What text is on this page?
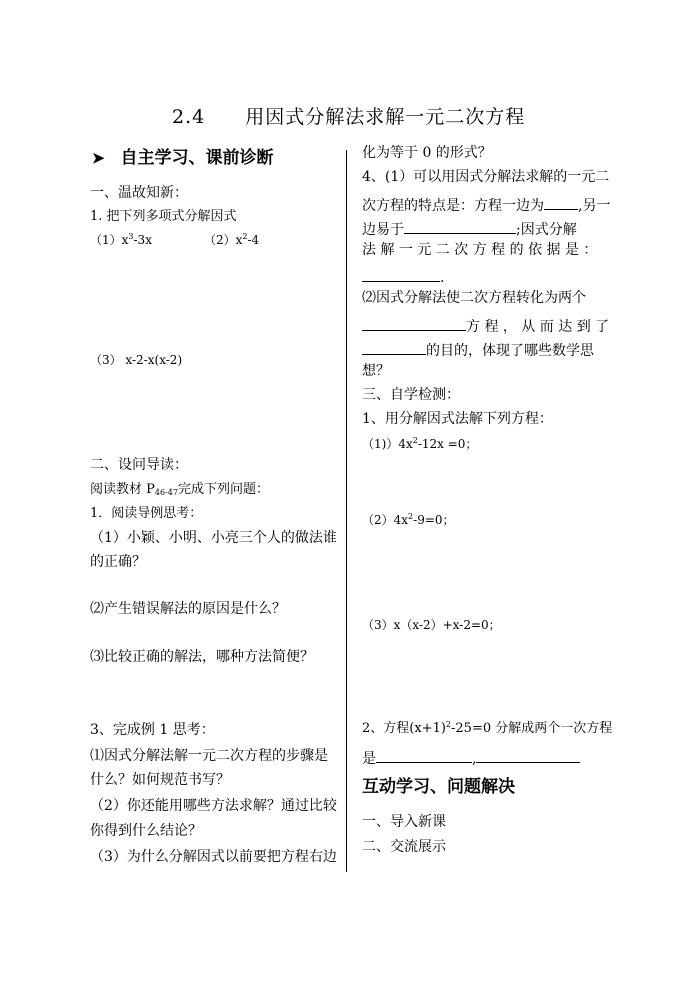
2.4 用因式分解法求解一元二次方程
➤ 自主学习、课前诊断
一、温故知新：
1. 把下列多项式分解因式
$(1)x^3-3x$	$(2)x^2-4$
（3） x-2-x(x-2)
二、设问导读：
阅读教材 $P_{46-47}$完成下列问题：
1．阅读导例思考：
（1）小颖、小明、小亮三个人的做法谁
的正确？
⑵产生错误解法的原因是什么？
⑶比较正确的解法，哪种方法简便？
3、完成例 1 思考：
⑴因式分解法解一元二次方程的步骤是
什么？如何规范书写？
（2）你还能用哪些方法求解？通过比较
你得到什么结论？
（3）为什么分解因式以前要把方程右边
化为等于 0 的形式？
4、(1）可以用因式分解法求解的一元二
次方程的特点是：方程一边为 ,另一
边易于	;因式分解
法 解 一 元 二 次 方 程 的 依 据 是 ：
.
⑵因式分解法使二次方程转化为两个
方 程 ， 从 而 达 到 了
的目的，体现了哪些数学思
想？
三、自学检测：
1、用分解因式法解下列方程：
$(1))4x^2-12x =0$；
$(2)4x^2-9=0$；
（3）x（x-2）+x-2=0；
2、方程$(x+1)^2-25=0$ 分解成两个一次方程
是	,
互动学习、问题解决
一、导入新课
二、交流展示
